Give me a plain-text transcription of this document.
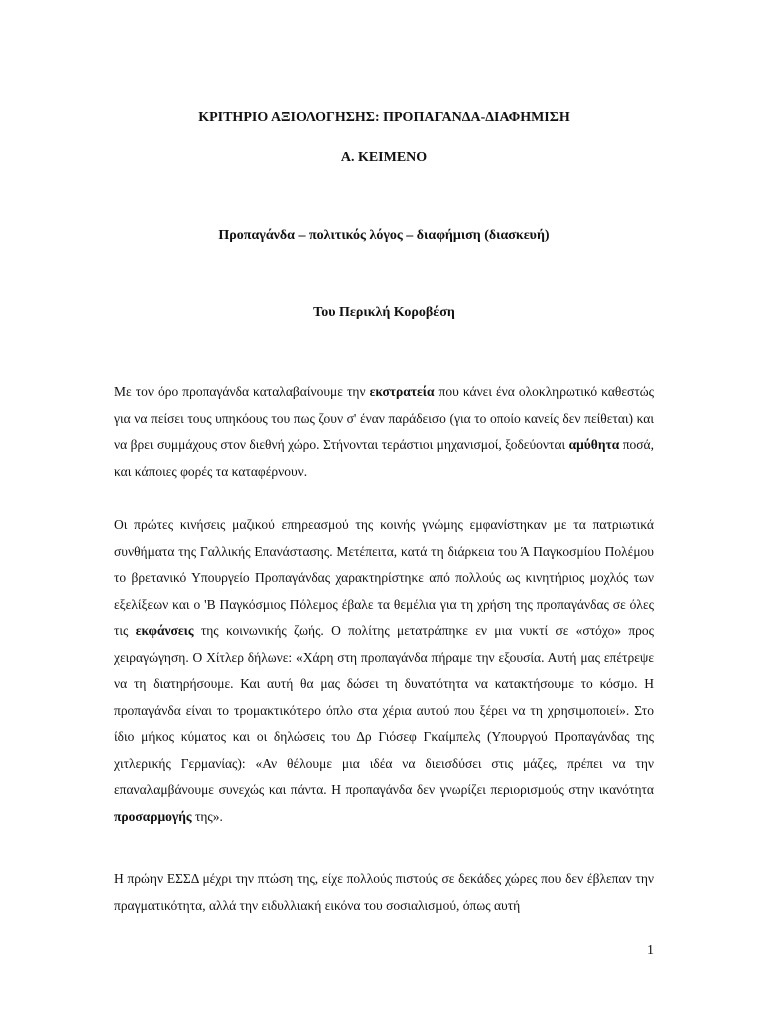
ΚΡΙΤΗΡΙΟ ΑΞΙΟΛΟΓΗΣΗΣ: ΠΡΟΠΑΓΑΝΔΑ-ΔΙΑΦΗΜΙΣΗ
Α. ΚΕΙΜΕΝΟ
Προπαγάνδα – πολιτικός λόγος – διαφήμιση (διασκευή)
Του Περικλή Κοροβέση

Με τον όρο προπαγάνδα καταλαβαίνουμε την εκστρατεία που κάνει ένα ολοκληρωτικό καθεστώς για να πείσει τους υπηκόους του πως ζουν σ' έναν παράδεισο (για το οποίο κανείς δεν πείθεται) και να βρει συμμάχους στον διεθνή χώρο. Στήνονται τεράστιοι μηχανισμοί, ξοδεύονται αμύθητα ποσά, και κάποιες φορές τα καταφέρνουν.

Οι πρώτες κινήσεις μαζικού επηρεασμού της κοινής γνώμης εμφανίστηκαν με τα πατριωτικά συνθήματα της Γαλλικής Επανάστασης. Μετέπειτα, κατά τη διάρκεια του Ά Παγκοσμίου Πολέμου το βρετανικό Υπουργείο Προπαγάνδας χαρακτηρίστηκε από πολλούς ως κινητήριος μοχλός των εξελίξεων και ο 'Β Παγκόσμιος Πόλεμος έβαλε τα θεμέλια για τη χρήση της προπαγάνδας σε όλες τις εκφάνσεις της κοινωνικής ζωής. Ο πολίτης μετατράπηκε εν μια νυκτί σε «στόχο» προς χειραγώγηση. Ο Χίτλερ δήλωνε: «Χάρη στη προπαγάνδα πήραμε την εξουσία. Αυτή μας επέτρεψε να τη διατηρήσουμε. Και αυτή θα μας δώσει τη δυνατότητα να κατακτήσουμε το κόσμο. Η προπαγάνδα είναι το τρομακτικότερο όπλο στα χέρια αυτού που ξέρει να τη χρησιμοποιεί». Στο ίδιο μήκος κύματος και οι δηλώσεις του Δρ Γιόσεφ Γκαίμπελς (Υπουργού Προπαγάνδας της χιτλερικής Γερμανίας): «Αν θέλουμε μια ιδέα να διεισδύσει στις μάζες, πρέπει να την επαναλαμβάνουμε συνεχώς και πάντα. Η προπαγάνδα δεν γνωρίζει περιορισμούς στην ικανότητα προσαρμογής της».

Η πρώην ΕΣΣΔ μέχρι την πτώση της, είχε πολλούς πιστούς σε δεκάδες χώρες που δεν έβλεπαν την πραγματικότητα, αλλά την ειδυλλιακή εικόνα του σοσιαλισμού, όπως αυτή

1
